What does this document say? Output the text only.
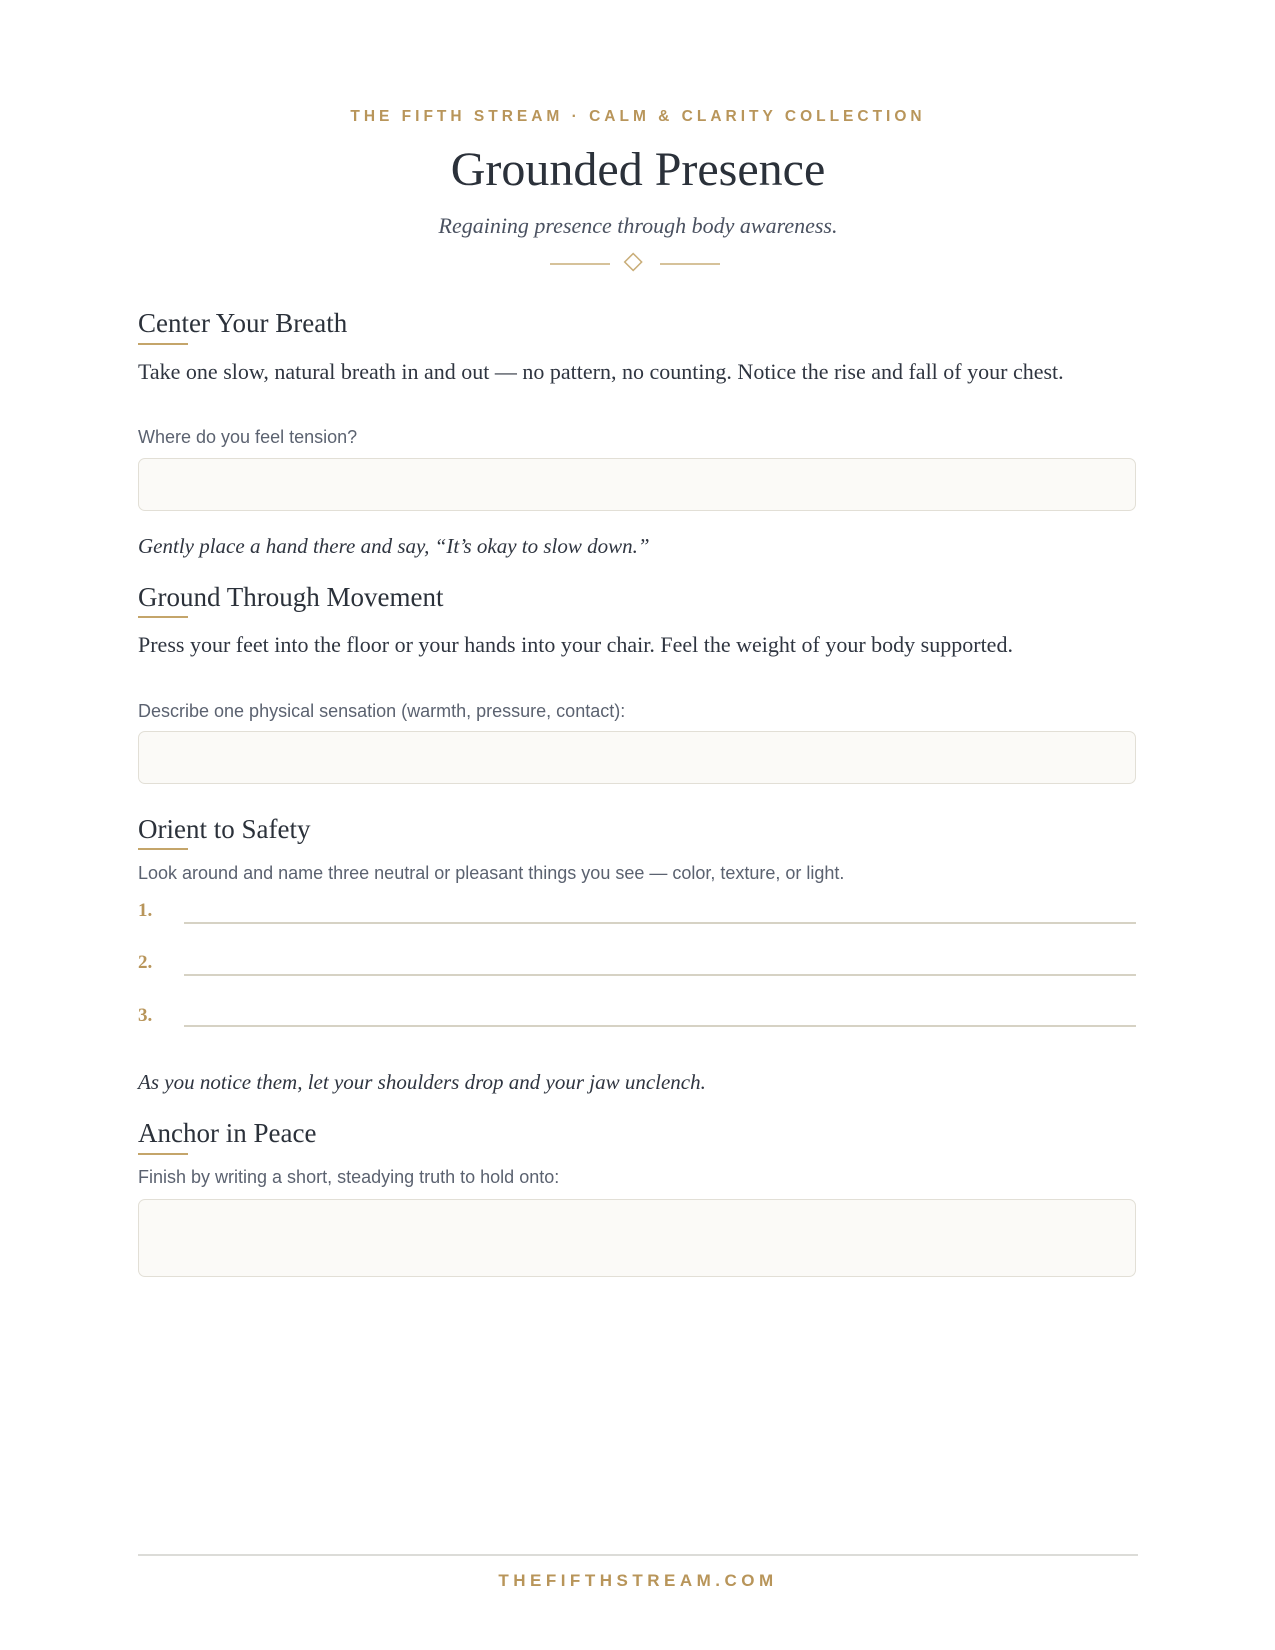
THE FIFTH STREAM · CALM & CLARITY COLLECTION
Grounded Presence
Regaining presence through body awareness.
Center Your Breath
Take one slow, natural breath in and out — no pattern, no counting. Notice the rise and fall of your chest.
Where do you feel tension?
Gently place a hand there and say, “It’s okay to slow down.”
Ground Through Movement
Press your feet into the floor or your hands into your chair. Feel the weight of your body supported.
Describe one physical sensation (warmth, pressure, contact):
Orient to Safety
Look around and name three neutral or pleasant things you see — color, texture, or light.
1.
2.
3.
As you notice them, let your shoulders drop and your jaw unclench.
Anchor in Peace
Finish by writing a short, steadying truth to hold onto:
THEFIFTHSTREAM.COM
